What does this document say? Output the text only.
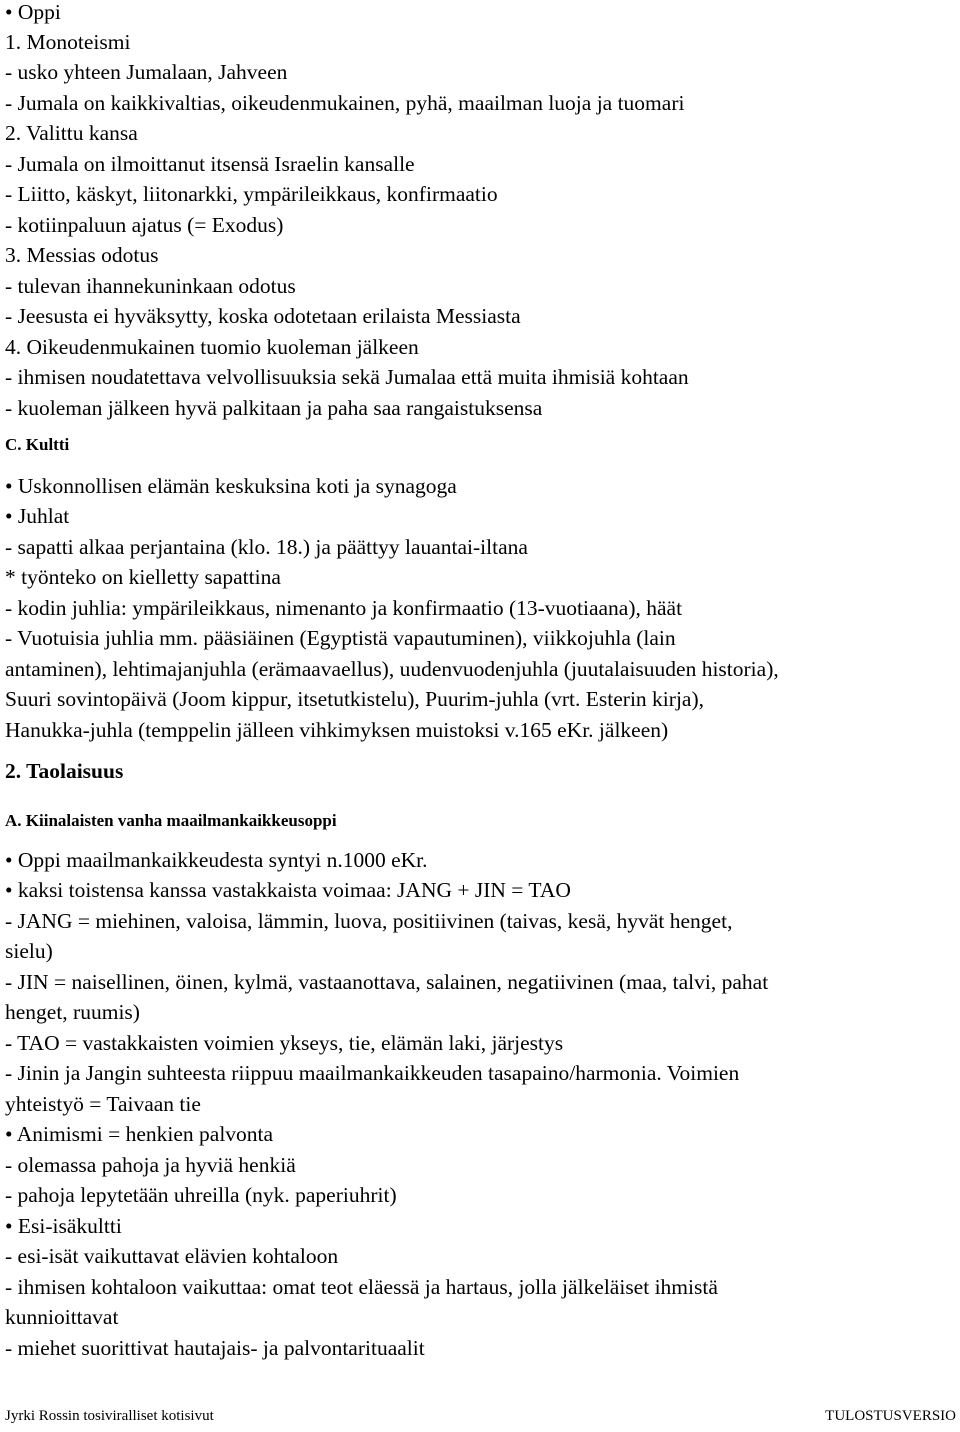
• Oppi
1. Monoteismi
- usko yhteen Jumalaan, Jahveen
- Jumala on kaikkivaltias, oikeudenmukainen, pyhä, maailman luoja ja tuomari
2. Valittu kansa
- Jumala on ilmoittanut itsensä Israelin kansalle
- Liitto, käskyt, liitonarkki, ympärileikkaus, konfirmaatio
- kotiinpaluun ajatus (= Exodus)
3. Messias odotus
- tulevan ihannekuninkaan odotus
- Jeesusta ei hyväksytty, koska odotetaan erilaista Messiasta
4. Oikeudenmukainen tuomio kuoleman jälkeen
- ihmisen noudatettava velvollisuuksia sekä Jumalaa että muita ihmisiä kohtaan
- kuoleman jälkeen hyvä palkitaan ja paha saa rangaistuksensa
C. Kultti
• Uskonnollisen elämän keskuksina koti ja synagoga
• Juhlat
- sapatti alkaa perjantaina (klo. 18.) ja päättyy lauantai-iltana
* työnteko on kielletty sapattina
- kodin juhlia: ympärileikkaus, nimenanto ja konfirmaatio (13-vuotiaana), häät
- Vuotuisia juhlia mm. pääsiäinen (Egyptistä vapautuminen), viikkojuhla (lain
antaminen), lehtimajanjuhla (erämaavaellus), uudenvuodenjuhla (juutalaisuuden historia),
Suuri sovintopäivä (Joom kippur, itsetutkistelu), Puurim-juhla (vrt. Esterin kirja),
Hanukka-juhla (temppelin jälleen vihkimyksen muistoksi v.165 eKr. jälkeen)
2. Taolaisuus
A. Kiinalaisten vanha maailmankaikkeusoppi
• Oppi maailmankaikkeudesta syntyi n.1000 eKr.
• kaksi toistensa kanssa vastakkaista voimaa: JANG + JIN = TAO
- JANG = miehinen, valoisa, lämmin, luova, positiivinen (taivas, kesä, hyvät henget,
sielu)
- JIN = naisellinen, öinen, kylmä, vastaanottava, salainen, negatiivinen (maa, talvi, pahat
henget, ruumis)
- TAO = vastakkaisten voimien ykseys, tie, elämän laki, järjestys
- Jinin ja Jangin suhteesta riippuu maailmankaikkeuden tasapaino/harmonia. Voimien
yhteistyö = Taivaan tie
• Animismi = henkien palvonta
- olemassa pahoja ja hyviä henkiä
- pahoja lepytetään uhreilla (nyk. paperiuhrit)
• Esi-isäkultti
- esi-isät vaikuttavat elävien kohtaloon
- ihmisen kohtaloon vaikuttaa: omat teot eläessä ja hartaus, jolla jälkeläiset ihmistä
kunnioittavat
- miehet suorittivat hautajais- ja palvontarituaalit
Jyrki Rossin tosiviralliset kotisivut	TULOSTUSVERSIO
